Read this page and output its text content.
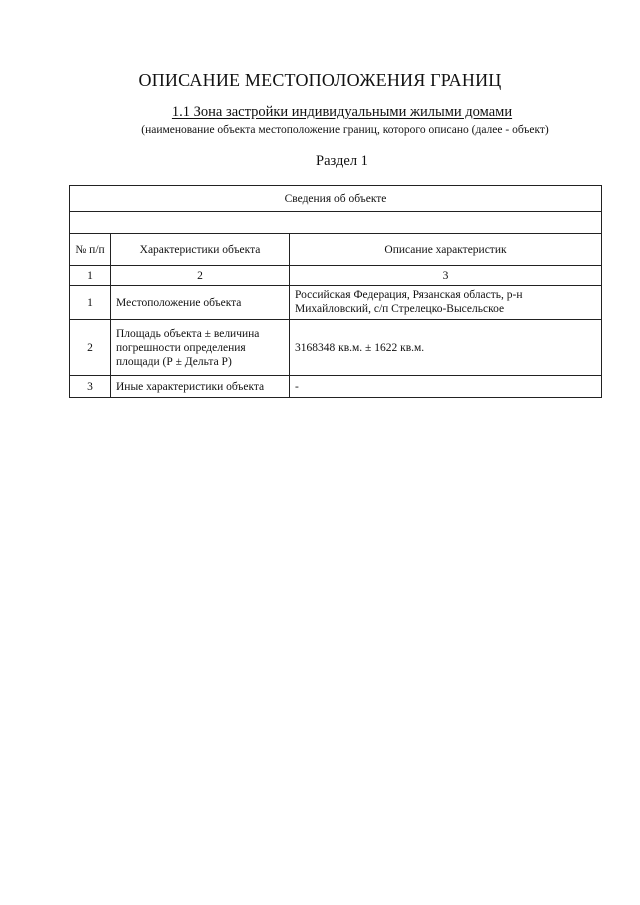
ОПИСАНИЕ МЕСТОПОЛОЖЕНИЯ ГРАНИЦ
1.1 Зона застройки индивидуальными жилыми домами
(наименование объекта местоположение границ, которого описано (далее - объект)
Раздел 1
Сведения об объекте		

№ п/п	Характеристики объекта	Описание характеристик
1	2	3
1	Местоположение объекта	Российская Федерация, Рязанская область, р-н Михайловский, с/п Стрелецко-Высельское
2	Площадь объекта ± величина погрешности определения площади (Р ± Дельта Р)	3168348 кв.м. ± 1622 кв.м.
3	Иные характеристики объекта	-
